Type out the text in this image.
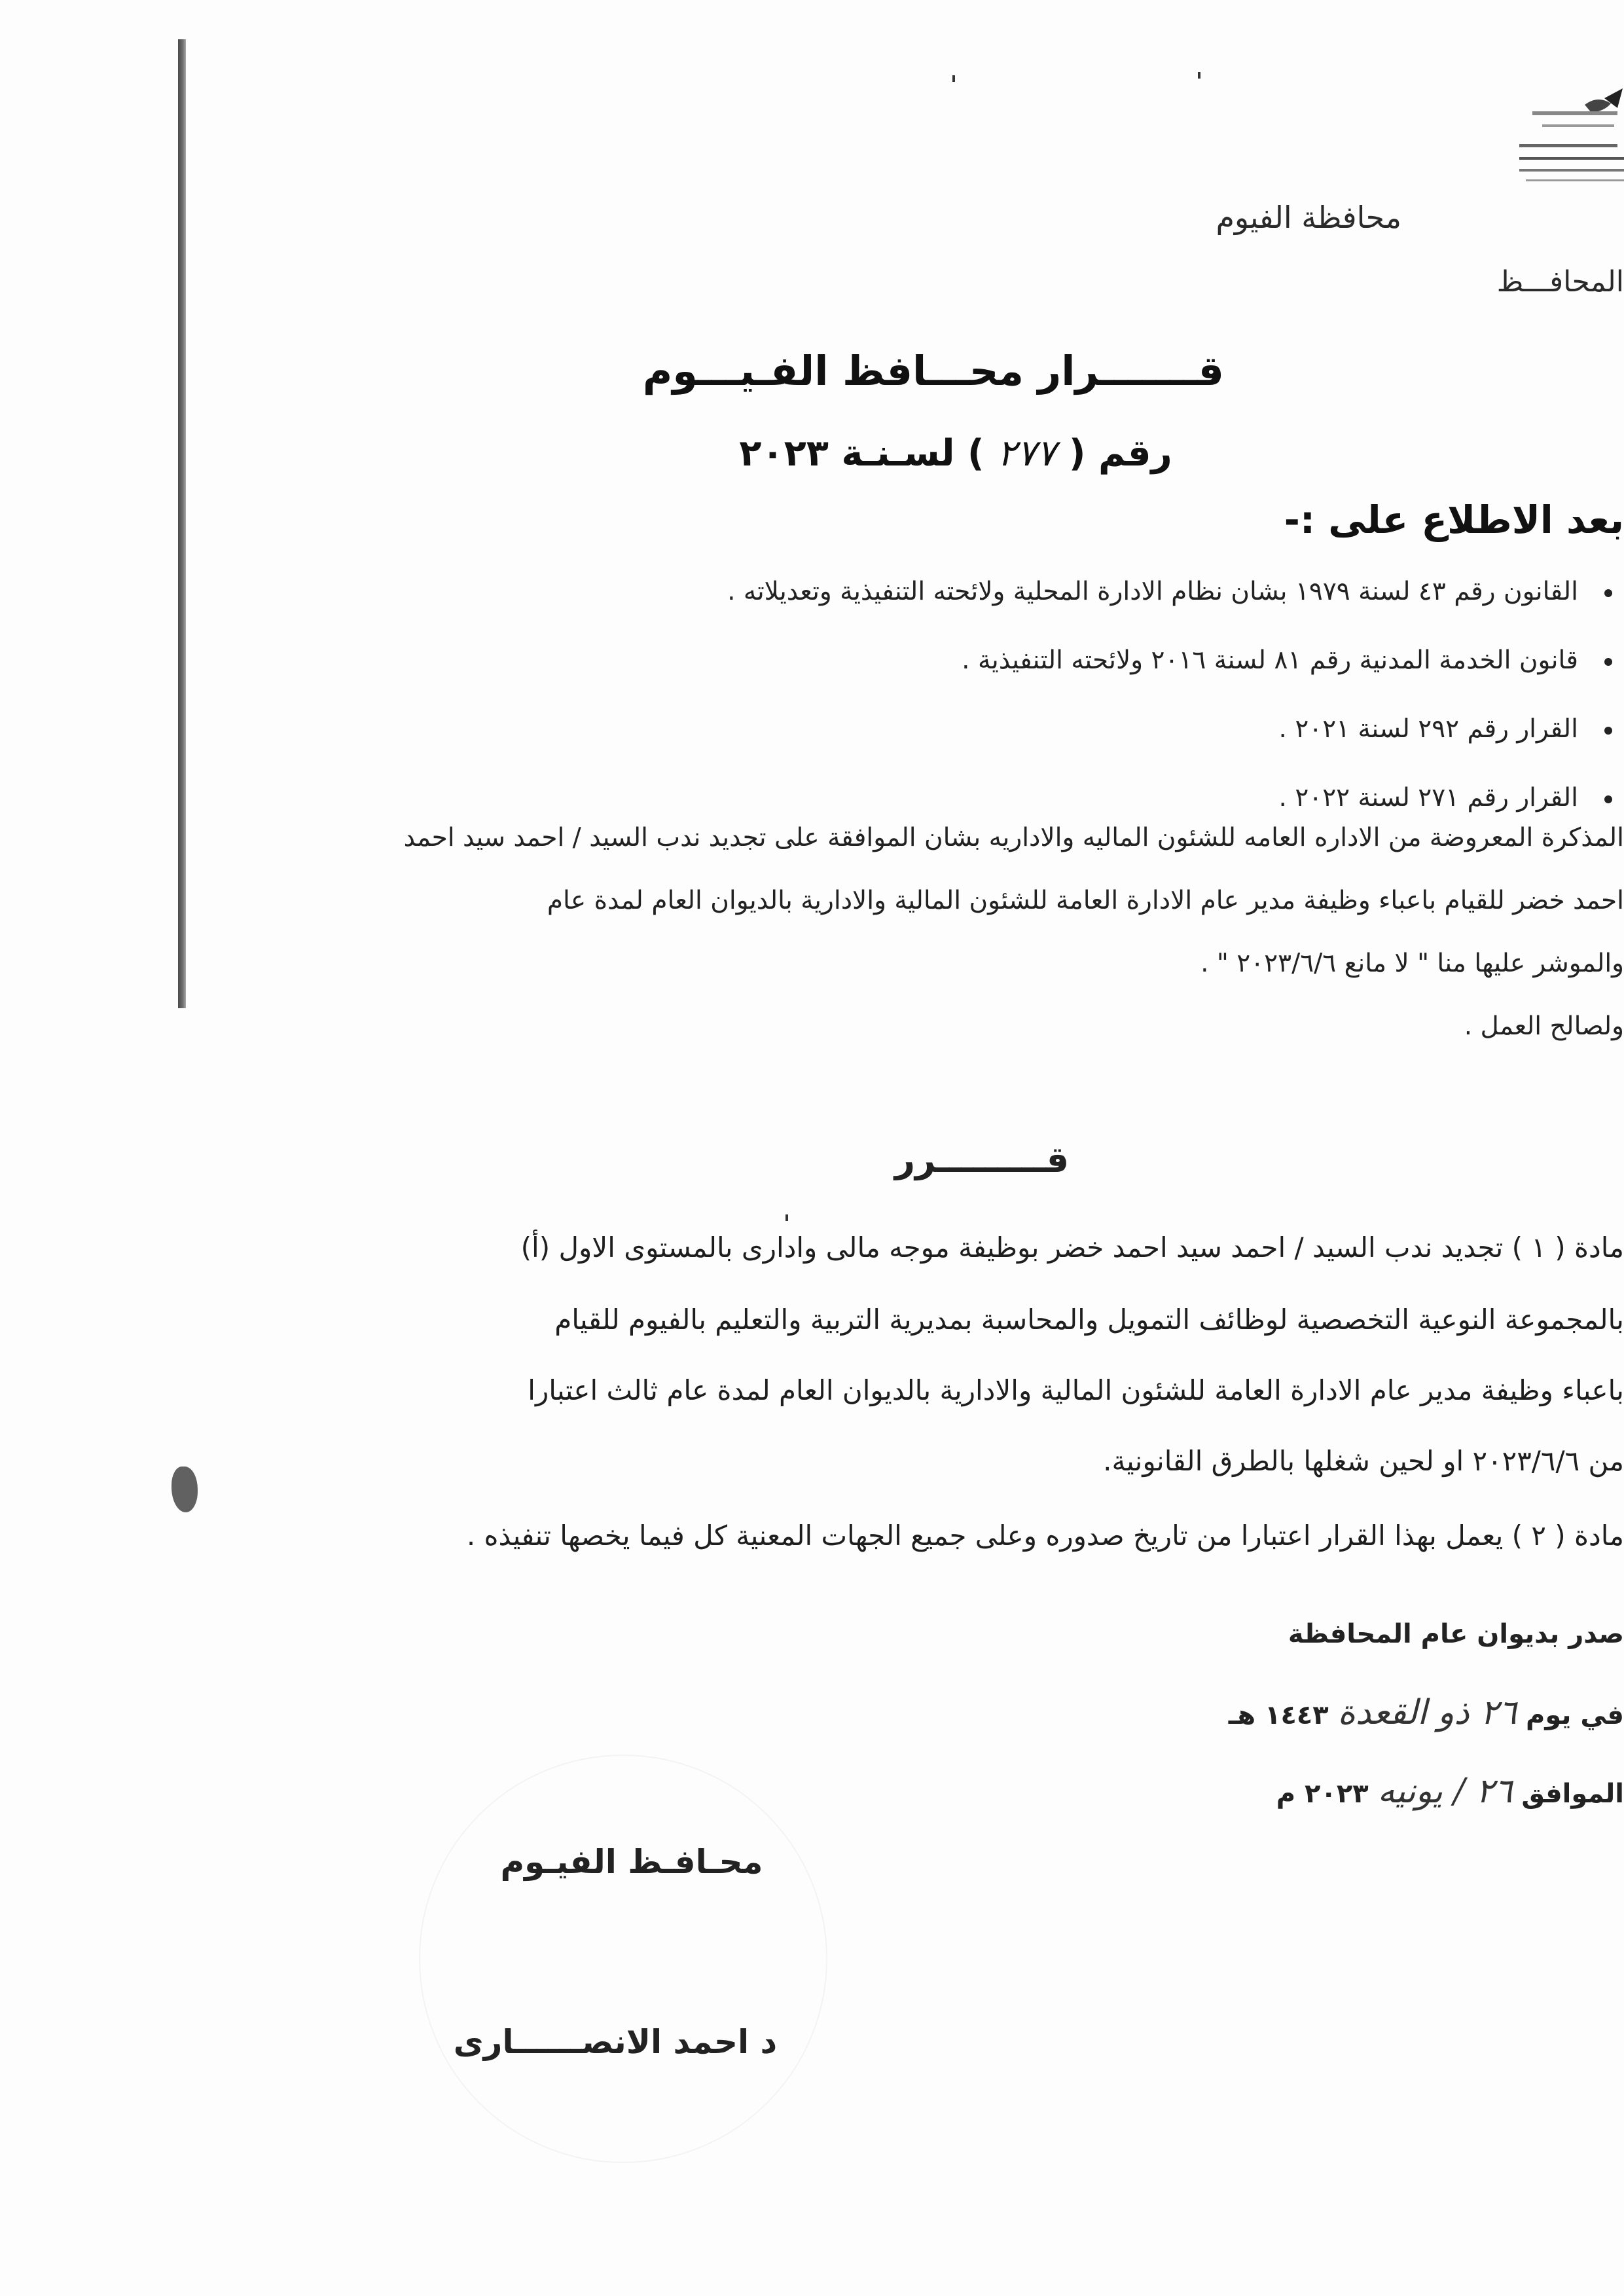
محافظة الفيوم
المحافـــظ
قـــــــرار محـــافظ الفـيـــوم
رقم ( ٢٧٧ ) لسـنـة ٢٠٢٣
بعد الاطلاع على :-
القانون رقم ٤٣ لسنة ١٩٧٩ بشان نظام الادارة المحلية ولائحته التنفيذية وتعديلاته .
قانون الخدمة المدنية رقم ٨١ لسنة ٢٠١٦ ولائحته التنفيذية .
القرار رقم ٢٩٢ لسنة ٢٠٢١ .
القرار رقم ٢٧١ لسنة ٢٠٢٢ .

المذكرة المعروضة من الاداره العامه للشئون الماليه والاداريه بشان الموافقة على تجديد ندب السيد / احمد سيد احمد

احمد خضر للقيام باعباء وظيفة مدير عام الادارة العامة للشئون المالية والادارية بالديوان العام لمدة عام

والموشر عليها منا " لا مانع ٢٠٢٣/٦/٦ " .

ولصالح العمل .

قـــــــــرر

مادة ( ١ ) تجديد ندب السيد / احمد سيد احمد خضر بوظيفة موجه مالى وادارى بالمستوى الاول (أ)

بالمجموعة النوعية التخصصية لوظائف التمويل والمحاسبة بمديرية التربية والتعليم بالفيوم للقيام

باعباء وظيفة مدير عام الادارة العامة للشئون المالية والادارية بالديوان العام لمدة عام ثالث اعتبارا

من ٢٠٢٣/٦/٦ او لحين شغلها بالطرق القانونية.

مادة ( ٢ ) يعمل بهذا القرار اعتبارا من تاريخ صدوره وعلى جميع الجهات المعنية كل فيما يخصها تنفيذه .

صدر بديوان عام المحافظة

في يوم ٢٦ ذو القعدة ١٤٤٣ هـ

الموافق ٢٦ / يونيه ٢٠٢٣ م

محـافـظ الفيـوم
د احمد الانصــــــارى
